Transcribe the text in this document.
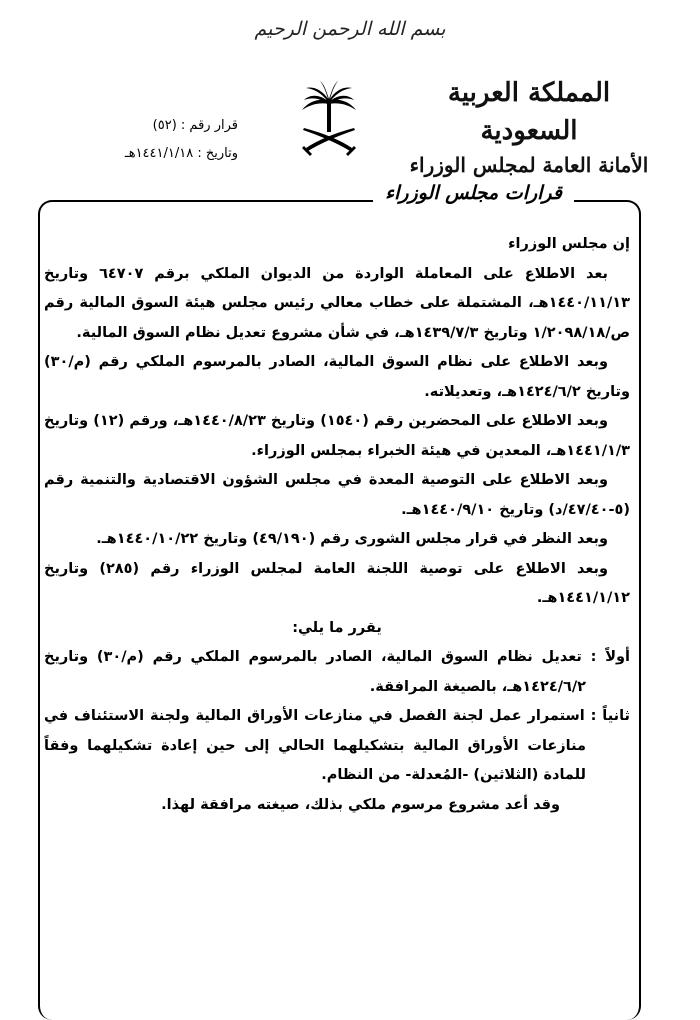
بسم الله الرحمن الرحيم
المملكة العربية السعودية
الأمانة العامة لمجلس الوزراء
قرار رقم : (٥٢)
وتاريخ : ١٤٤١/١/١٨هـ
قرارات مجلس الوزراء

إن مجلس الوزراء

بعد الاطلاع على المعاملة الواردة من الديوان الملكي برقم ٦٤٧٠٧ وتاريخ ١٤٤٠/١١/١٣هـ، المشتملة على خطاب معالي رئيس مجلس هيئة السوق المالية رقم ص/١/٢٠٩٨/١٨ وتاريخ ١٤٣٩/٧/٣هـ، في شأن مشروع تعديل نظام السوق المالية.

وبعد الاطلاع على نظام السوق المالية، الصادر بالمرسوم الملكي رقم (م/٣٠) وتاريخ ١٤٢٤/٦/٢هـ، وتعديلاته.

وبعد الاطلاع على المحضرين رقم (١٥٤٠) وتاريخ ١٤٤٠/٨/٢٣هـ، ورقم (١٢) وتاريخ ١٤٤١/١/٣هـ، المعدين في هيئة الخبراء بمجلس الوزراء.

وبعد الاطلاع على التوصية المعدة في مجلس الشؤون الاقتصادية والتنمية رقم (٥-٤٧/٤٠/د) وتاريخ ١٤٤٠/٩/١٠هـ.

وبعد النظر في قرار مجلس الشورى رقم (٤٩/١٩٠) وتاريخ ١٤٤٠/١٠/٢٢هـ.

وبعد الاطلاع على توصية اللجنة العامة لمجلس الوزراء رقم (٢٨٥) وتاريخ ١٤٤١/١/١٢هـ.

يقرر ما يلي:

أولاً : تعديل نظام السوق المالية، الصادر بالمرسوم الملكي رقم (م/٣٠) وتاريخ ١٤٢٤/٦/٢هـ، بالصيغة المرافقة.

ثانياً : استمرار عمل لجنة الفصل في منازعات الأوراق المالية ولجنة الاستئناف في منازعات الأوراق المالية بتشكيلهما الحالي إلى حين إعادة تشكيلهما وفقاً للمادة (الثلاثين) -المُعدلة- من النظام.

وقد أعد مشروع مرسوم ملكي بذلك، صيغته مرافقة لهذا.
